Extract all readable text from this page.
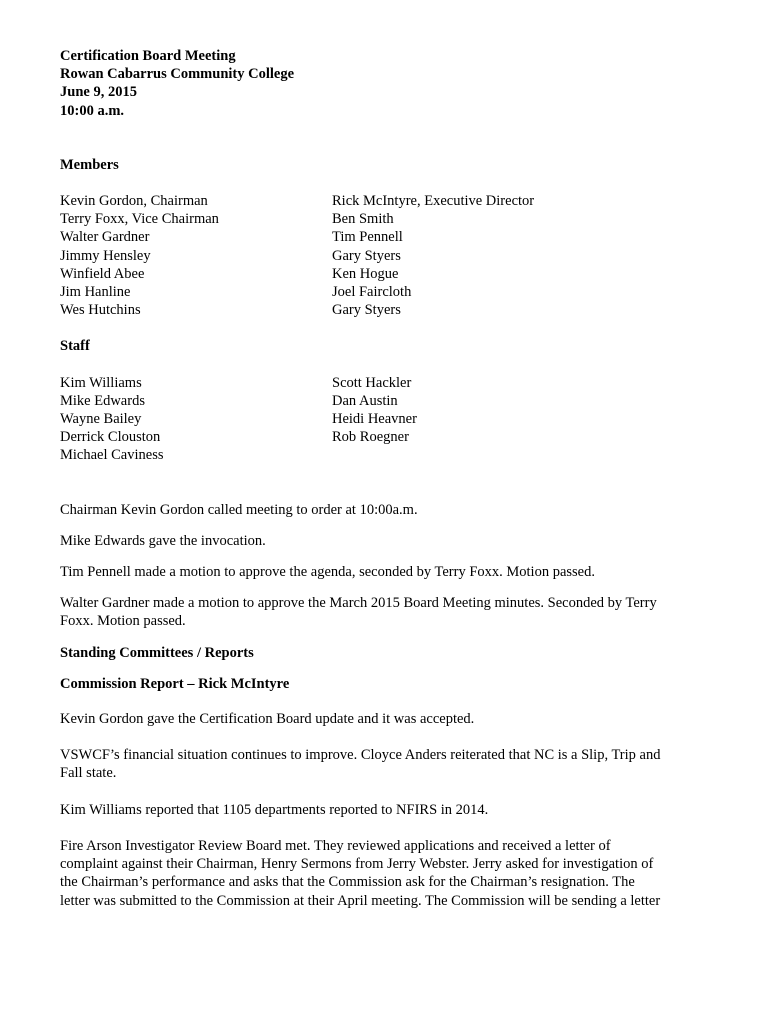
Certification Board Meeting
Rowan Cabarrus Community College
June 9, 2015
10:00 a.m.
Members
Kevin Gordon, Chairman
Terry Foxx, Vice Chairman
Walter Gardner
Jimmy Hensley
Winfield Abee
Jim Hanline
Wes Hutchins
Rick McIntyre, Executive Director
Ben Smith
Tim Pennell
Gary Styers
Ken Hogue
Joel Faircloth
Gary Styers
Staff
Kim Williams
Mike Edwards
Wayne Bailey
Derrick Clouston
Michael Caviness
Scott Hackler
Dan Austin
Heidi Heavner
Rob Roegner
Chairman Kevin Gordon called meeting to order at 10:00a.m.
Mike Edwards gave the invocation.
Tim Pennell made a motion to approve the agenda, seconded by Terry Foxx. Motion passed.
Walter Gardner made a motion to approve the March 2015 Board Meeting minutes. Seconded by Terry
Foxx. Motion passed.
Standing Committees / Reports
Commission Report – Rick McIntyre
Kevin Gordon gave the Certification Board update and it was accepted.
VSWCF’s financial situation continues to improve. Cloyce Anders reiterated that NC is a Slip, Trip and
Fall state.
Kim Williams reported that 1105 departments reported to NFIRS in 2014.
Fire Arson Investigator Review Board met. They reviewed applications and received a letter of
complaint against their Chairman, Henry Sermons from Jerry Webster. Jerry asked for investigation of
the Chairman’s performance and asks that the Commission ask for the Chairman’s resignation. The
letter was submitted to the Commission at their April meeting. The Commission will be sending a letter
